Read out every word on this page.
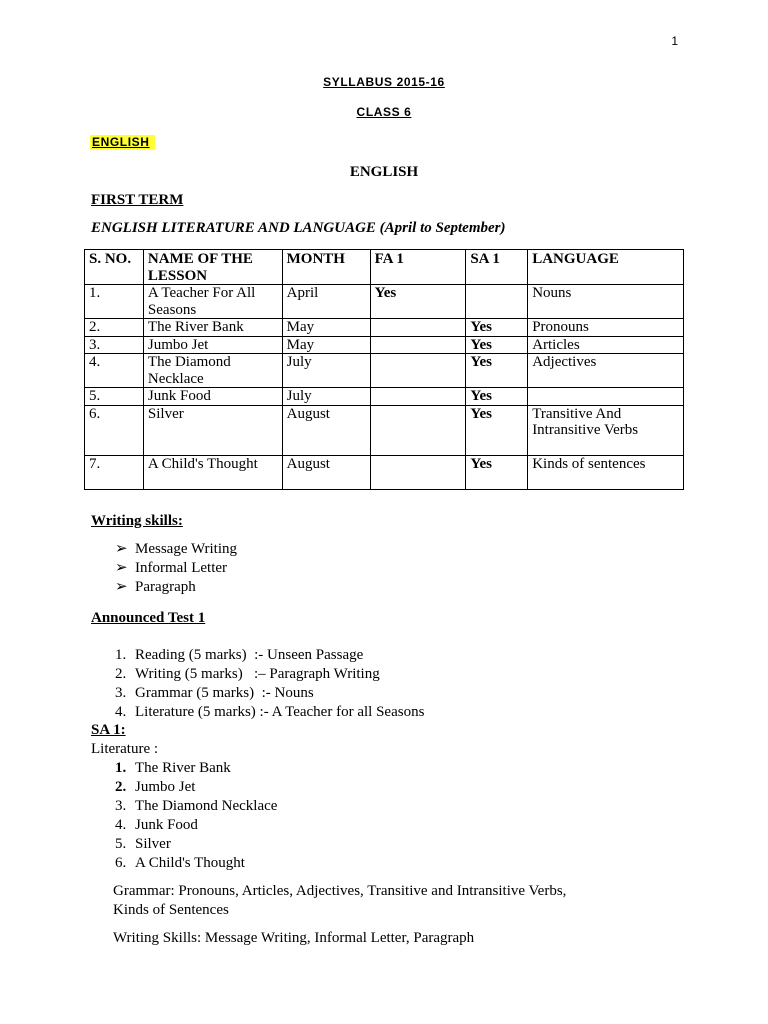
1
SYLLABUS 2015-16
CLASS 6
ENGLISH
ENGLISH
FIRST TERM
ENGLISH LITERATURE AND LANGUAGE (April to September)
S. NO.	NAME OF THE LESSON	MONTH	FA 1	SA 1	LANGUAGE
1.	A Teacher For All Seasons	April	Yes		Nouns
2.	The River Bank	May		Yes	Pronouns
3.	Jumbo Jet	May		Yes	Articles
4.	The Diamond Necklace	July		Yes	Adjectives
5.	Junk Food	July		Yes	
6.	Silver	August		Yes	Transitive And Intransitive Verbs
7.	A Child's Thought	August		Yes	Kinds of sentences
Writing skills:
➢ Message Writing
➢ Informal Letter
➢ Paragraph
Announced Test 1
1. Reading (5 marks)  :- Unseen Passage
2. Writing (5 marks)   :– Paragraph Writing
3. Grammar (5 marks)  :- Nouns
4. Literature (5 marks) :- A Teacher for all Seasons
SA 1:
Literature :
1. The River Bank
2. Jumbo Jet
3. The Diamond Necklace
4. Junk Food
5. Silver
6. A Child's Thought
Grammar: Pronouns, Articles, Adjectives, Transitive and Intransitive Verbs,
Kinds of Sentences
Writing Skills: Message Writing, Informal Letter, Paragraph
